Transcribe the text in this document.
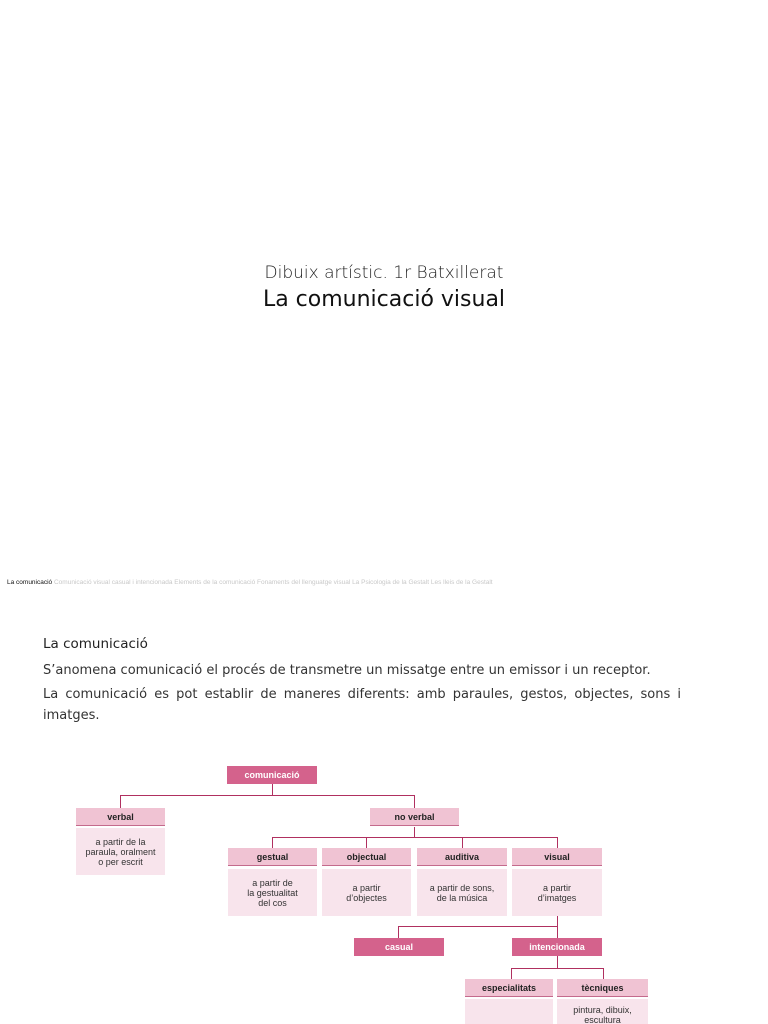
Dibuix artístic. 1r Batxillerat
La comunicació visual
La comunicació Comunicació visual casual i intencionada Elements de la comunicació Fonaments del llenguatge visual La Psicologia de la Gestalt Les lleis de la Gestalt
La comunicació
S’anomena comunicació el procés de transmetre un missatge entre un emissor i un receptor.
La comunicació es pot establir de maneres diferents: amb paraules, gestos, objectes, sons i imatges.
comunicació
verbal
a partir de la
paraula, oralment
o per escrit
no verbal
gestual
a partir de
la gestualitat
del cos
objectual
a partir
d’objectes
auditiva
a partir de sons,
de la música
visual
a partir
d’imatges
casual	intencionada
especialitats	tècniques
pintura, dibuix,
escultura
